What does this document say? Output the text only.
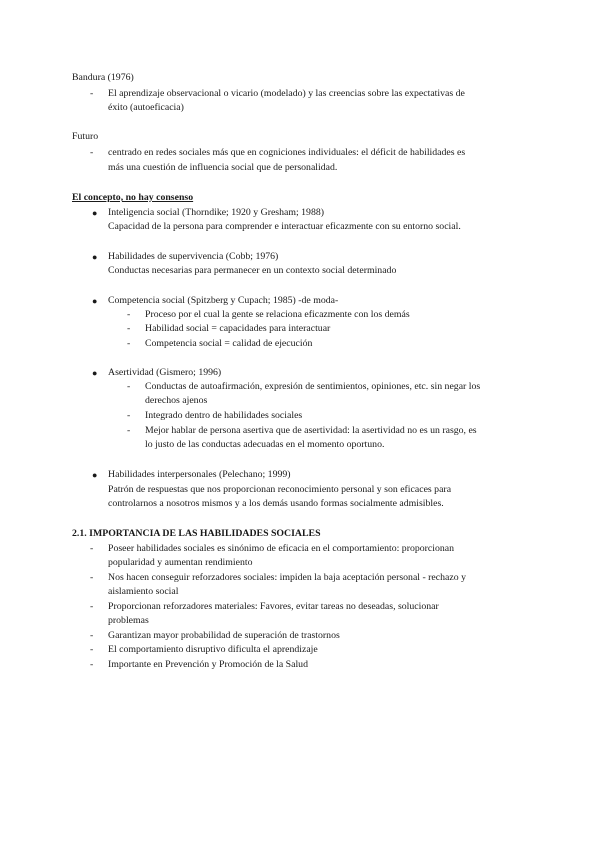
Bandura (1976)
-	El aprendizaje observacional o vicario (modelado) y las creencias sobre las expectativas de
éxito (autoeficacia)
Futuro
-	centrado en redes sociales más que en cogniciones individuales: el déficit de habilidades es
más una cuestión de influencia social que de personalidad.
El concepto, no hay consenso
● Inteligencia social (Thorndike; 1920 y Gresham; 1988)
Capacidad de la persona para comprender e interactuar eficazmente con su entorno social.
● Habilidades de supervivencia (Cobb; 1976)
Conductas necesarias para permanecer en un contexto social determinado
● Competencia social (Spitzberg y Cupach; 1985) -de moda-
- Proceso por el cual la gente se relaciona eficazmente con los demás
- Habilidad social = capacidades para interactuar
- Competencia social = calidad de ejecución
● Asertividad (Gismero; 1996)
- Conductas de autoafirmación, expresión de sentimientos, opiniones, etc. sin negar los
derechos ajenos
- Integrado dentro de habilidades sociales
- Mejor hablar de persona asertiva que de asertividad: la asertividad no es un rasgo, es
lo justo de las conductas adecuadas en el momento oportuno.
● Habilidades interpersonales (Pelechano; 1999)
Patrón de respuestas que nos proporcionan reconocimiento personal y son eficaces para
controlarnos a nosotros mismos y a los demás usando formas socialmente admisibles.
2.1. IMPORTANCIA DE LAS HABILIDADES SOCIALES
-	Poseer habilidades sociales es sinónimo de eficacia en el comportamiento: proporcionan
popularidad y aumentan rendimiento
-	Nos hacen conseguir reforzadores sociales: impiden la baja aceptación personal - rechazo y
aislamiento social
-	Proporcionan reforzadores materiales: Favores, evitar tareas no deseadas, solucionar
problemas
-	Garantizan mayor probabilidad de superación de trastornos
-	El comportamiento disruptivo dificulta el aprendizaje
-	Importante en Prevención y Promoción de la Salud
